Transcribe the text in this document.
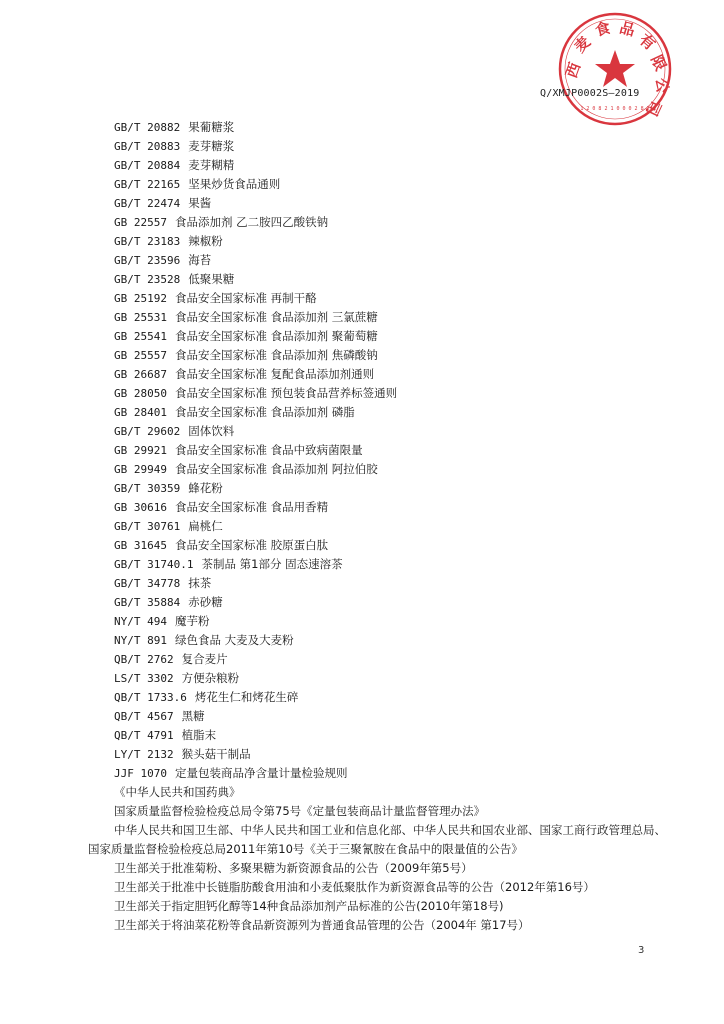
西
麦
食 品
有
限
公
司
1 2 0 8 2 1 0 0 0 2 8 2
Q/XMJP0002S—2019
GB/T 20882 果葡糖浆
GB/T 20883 麦芽糖浆
GB/T 20884 麦芽糊精
GB/T 22165 坚果炒货食品通则
GB/T 22474 果酱
GB 22557 食品添加剂 乙二胺四乙酸铁钠
GB/T 23183 辣椒粉
GB/T 23596 海苔
GB/T 23528 低聚果糖
GB 25192 食品安全国家标准 再制干酪
GB 25531 食品安全国家标准 食品添加剂 三氯蔗糖
GB 25541 食品安全国家标准 食品添加剂 聚葡萄糖
GB 25557 食品安全国家标准 食品添加剂 焦磷酸钠
GB 26687 食品安全国家标准 复配食品添加剂通则
GB 28050 食品安全国家标准 预包装食品营养标签通则
GB 28401 食品安全国家标准 食品添加剂 磷脂
GB/T 29602 固体饮料
GB 29921 食品安全国家标准 食品中致病菌限量
GB 29949 食品安全国家标准 食品添加剂 阿拉伯胶
GB/T 30359 蜂花粉
GB 30616 食品安全国家标准 食品用香精
GB/T 30761 扁桃仁
GB 31645 食品安全国家标准 胶原蛋白肽
GB/T 31740.1 茶制品 第1部分 固态速溶茶
GB/T 34778 抹茶
GB/T 35884 赤砂糖
NY/T 494 魔芋粉
NY/T 891 绿色食品 大麦及大麦粉
QB/T 2762 复合麦片
LS/T 3302 方便杂粮粉
QB/T 1733.6 烤花生仁和烤花生碎
QB/T 4567 黑糖
QB/T 4791 植脂末
LY/T 2132 猴头菇干制品
JJF 1070 定量包装商品净含量计量检验规则
《中华人民共和国药典》
国家质量监督检验检疫总局令第75号《定量包装商品计量监督管理办法》
中华人民共和国卫生部、中华人民共和国工业和信息化部、中华人民共和国农业部、国家工商行政管理总局、国家质量监督检验检疫总局2011年第10号《关于三聚氰胺在食品中的限量值的公告》
卫生部关于批准菊粉、多聚果糖为新资源食品的公告（2009年第5号）
卫生部关于批准中长链脂肪酸食用油和小麦低聚肽作为新资源食品等的公告（2012年第16号）
卫生部关于指定胆钙化醇等14种食品添加剂产品标准的公告(2010年第18号)
卫生部关于将油菜花粉等食品新资源列为普通食品管理的公告（2004年 第17号）
3
